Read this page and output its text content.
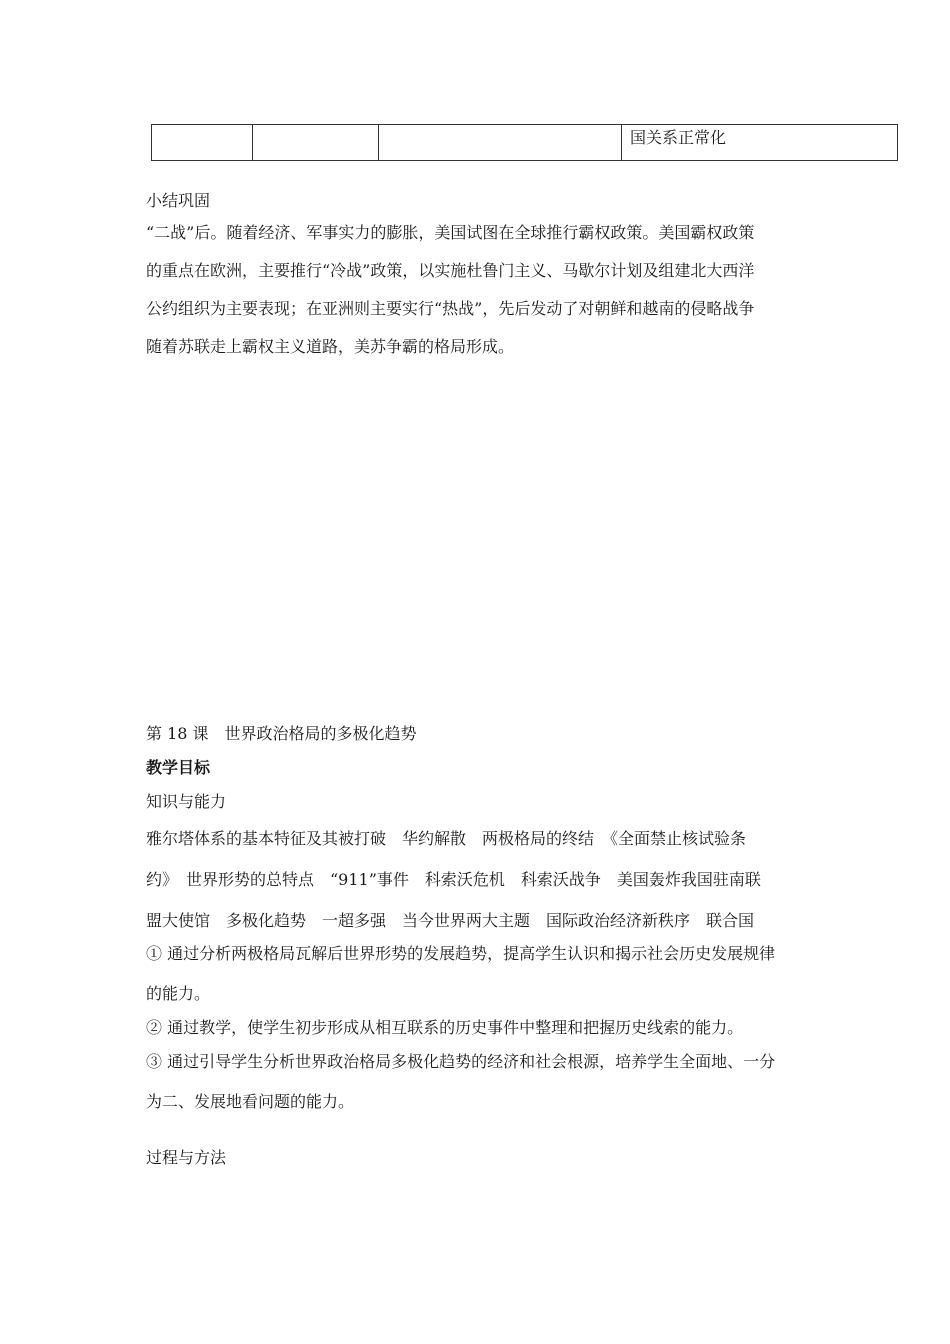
			国关系正常化
小结巩固
“二战”后。随着经济、军事实力的膨胀，美国试图在全球推行霸权政策。美国霸权政策
的重点在欧洲，主要推行“冷战”政策，以实施杜鲁门主义、马歇尔计划及组建北大西洋
公约组织为主要表现；在亚洲则主要实行“热战”，先后发动了对朝鲜和越南的侵略战争
随着苏联走上霸权主义道路，美苏争霸的格局形成。
第 18 课　世界政治格局的多极化趋势
教学目标
知识与能力
雅尔塔体系的基本特征及其被打破　华约解散　两极格局的终结　《全面禁止核试验条
约》　世界形势的总特点　“911”事件　科索沃危机　科索沃战争　美国轰炸我国驻南联
盟大使馆　多极化趋势　一超多强　当今世界两大主题　国际政治经济新秩序　联合国
① 通过分析两极格局瓦解后世界形势的发展趋势，提高学生认识和揭示社会历史发展规律
的能力。
② 通过教学，使学生初步形成从相互联系的历史事件中整理和把握历史线索的能力。
③ 通过引导学生分析世界政治格局多极化趋势的经济和社会根源，培养学生全面地、一分
为二、发展地看问题的能力。
过程与方法
